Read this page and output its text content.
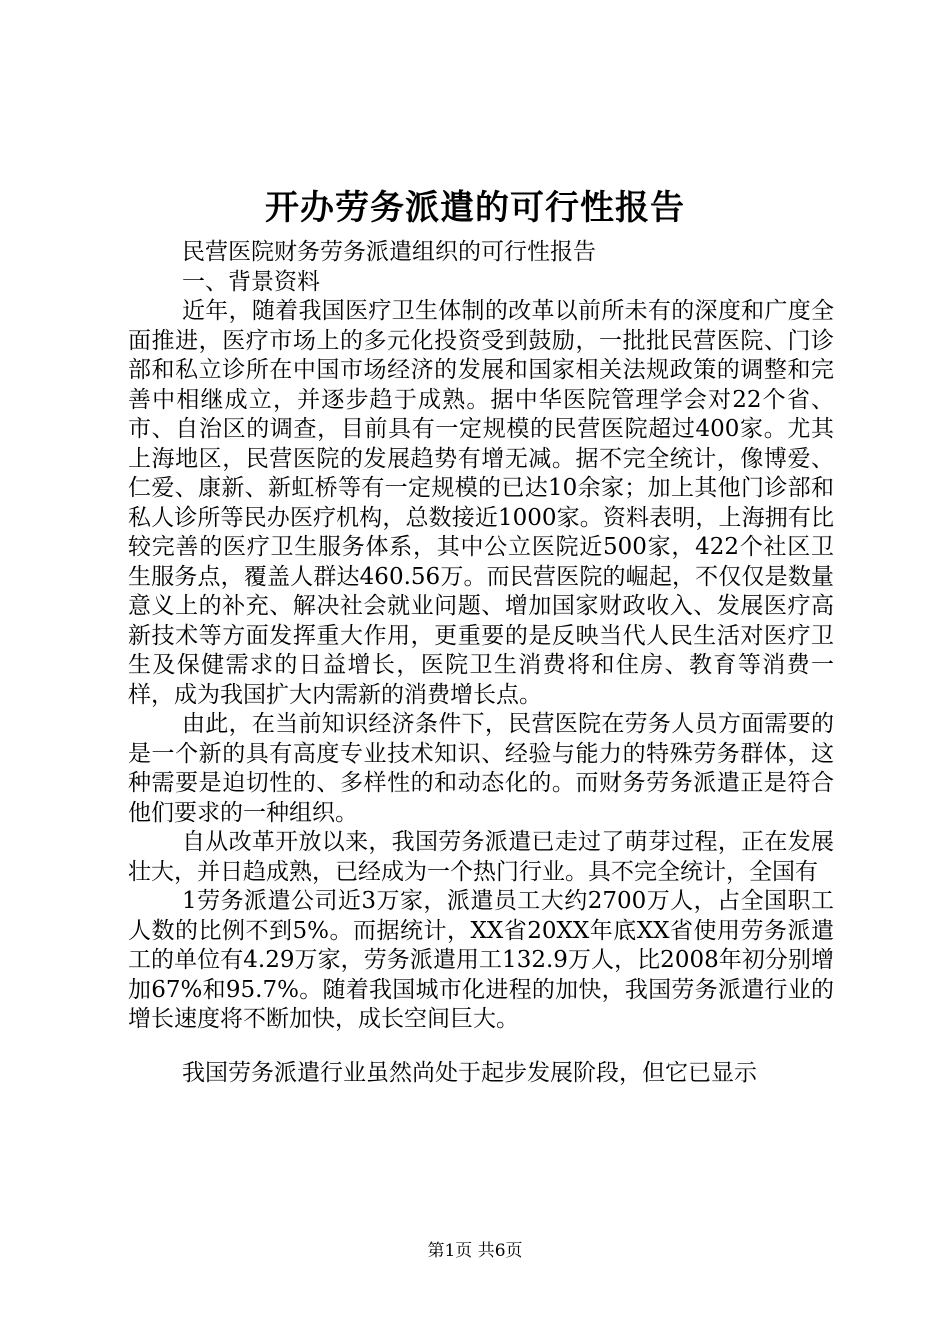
开办劳务派遣的可行性报告

民营医院财务劳务派遣组织的可行性报告

一、背景资料

近年，随着我国医疗卫生体制的改革以前所未有的深度和广度全面推进，医疗市场上的多元化投资受到鼓励，一批批民营医院、门诊部和私立诊所在中国市场经济的发展和国家相关法规政策的调整和完善中相继成立，并逐步趋于成熟。据中华医院管理学会对22个省、市、自治区的调查，目前具有一定规模的民营医院超过400家。尤其上海地区，民营医院的发展趋势有增无减。据不完全统计，像博爱、仁爱、康新、新虹桥等有一定规模的已达10余家；加上其他门诊部和私人诊所等民办医疗机构，总数接近1000家。资料表明，上海拥有比较完善的医疗卫生服务体系，其中公立医院近500家，422个社区卫生服务点，覆盖人群达460.56万。而民营医院的崛起，不仅仅是数量意义上的补充、解决社会就业问题、增加国家财政收入、发展医疗高新技术等方面发挥重大作用，更重要的是反映当代人民生活对医疗卫生及保健需求的日益增长，医院卫生消费将和住房、教育等消费一样，成为我国扩大内需新的消费增长点。

由此，在当前知识经济条件下，民营医院在劳务人员方面需要的是一个新的具有高度专业技术知识、经验与能力的特殊劳务群体，这种需要是迫切性的、多样性的和动态化的。而财务劳务派遣正是符合他们要求的一种组织。

自从改革开放以来，我国劳务派遣已走过了萌芽过程，正在发展壮大，并日趋成熟，已经成为一个热门行业。具不完全统计，全国有

1劳务派遣公司近3万家，派遣员工大约2700万人，占全国职工人数的比例不到5%。而据统计，XX省20XX年底XX省使用劳务派遣工的单位有4.29万家，劳务派遣用工132.9万人，比2008年初分别增加67%和95.7%。随着我国城市化进程的加快，我国劳务派遣行业的增长速度将不断加快，成长空间巨大。

我国劳务派遣行业虽然尚处于起步发展阶段，但它已显示

第1页 共6页
